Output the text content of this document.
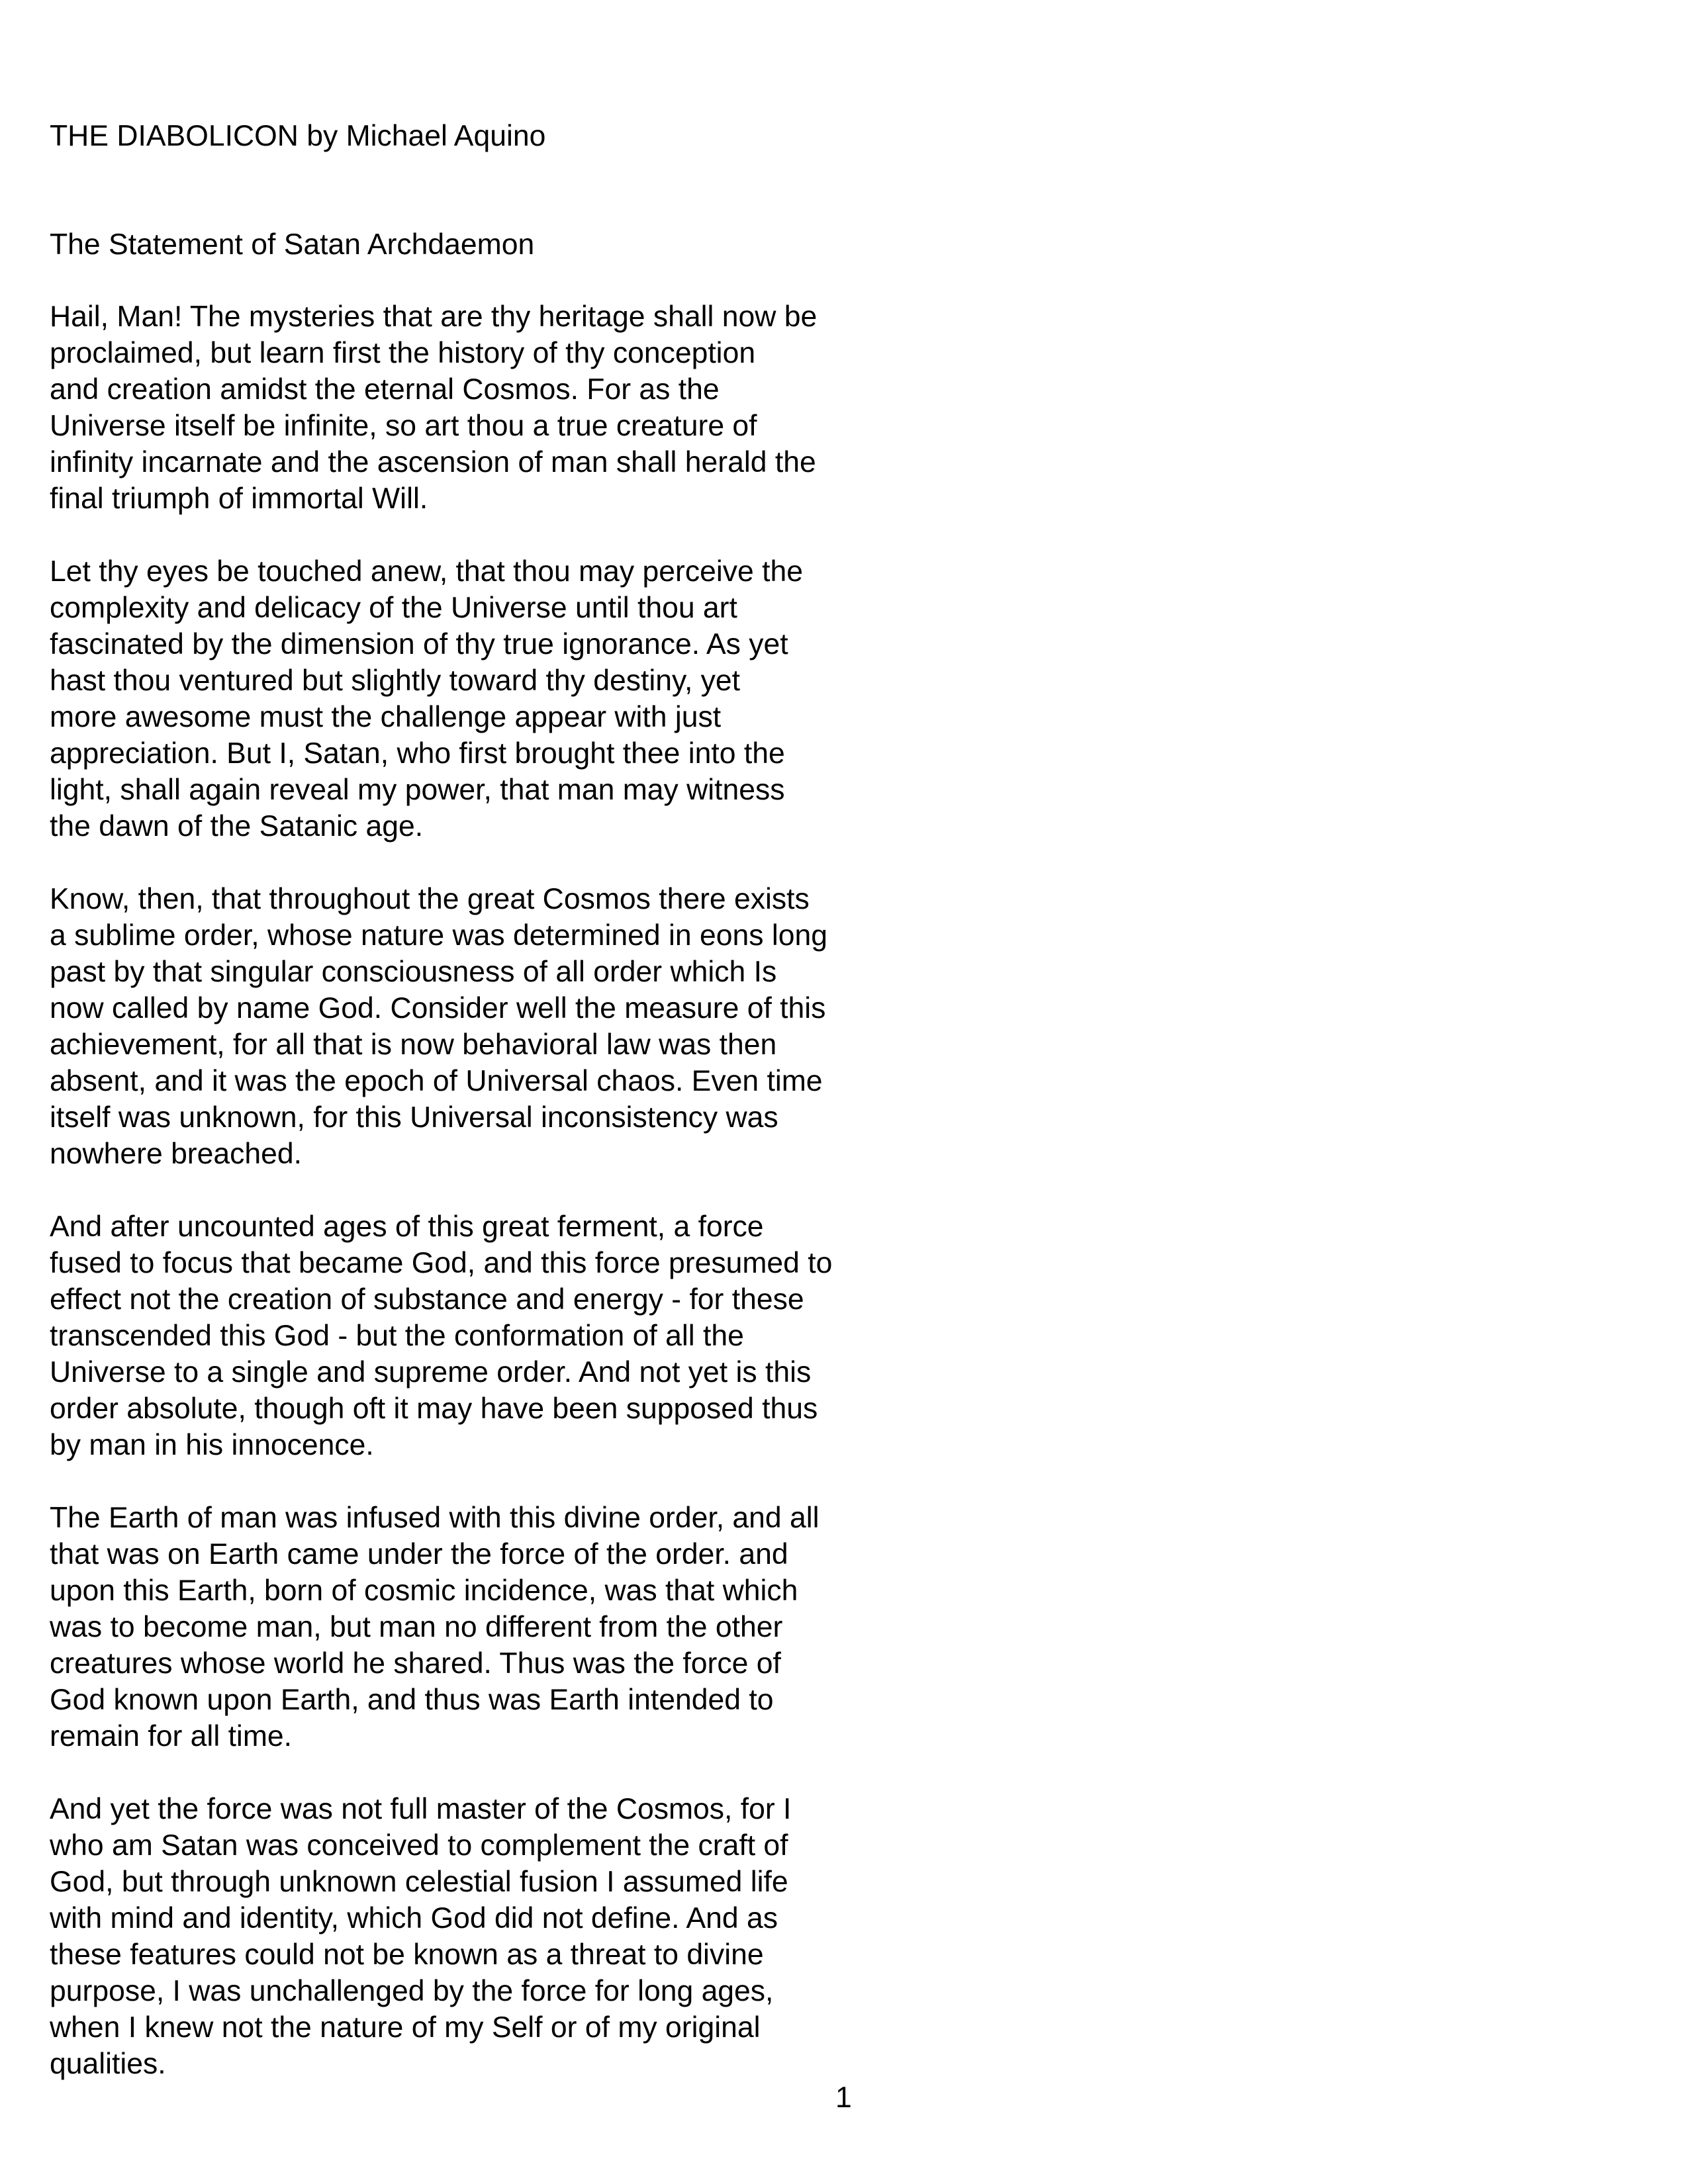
THE DIABOLICON by Michael Aquino
The Statement of Satan Archdaemon
Hail, Man! The mysteries that are thy heritage shall now be
proclaimed, but learn first the history of thy conception
and creation amidst the eternal Cosmos. For as the
Universe itself be infinite, so art thou a true creature of
infinity incarnate and the ascension of man shall herald the
final triumph of immortal Will.
Let thy eyes be touched anew, that thou may perceive the
complexity and delicacy of the Universe until thou art
fascinated by the dimension of thy true ignorance. As yet
hast thou ventured but slightly toward thy destiny, yet
more awesome must the challenge appear with just
appreciation. But I, Satan, who first brought thee into the
light, shall again reveal my power, that man may witness
the dawn of the Satanic age.
Know, then, that throughout the great Cosmos there exists
a sublime order, whose nature was determined in eons long
past by that singular consciousness of all order which Is
now called by name God. Consider well the measure of this
achievement, for all that is now behavioral law was then
absent, and it was the epoch of Universal chaos. Even time
itself was unknown, for this Universal inconsistency was
nowhere breached.
And after uncounted ages of this great ferment, a force
fused to focus that became God, and this force presumed to
effect not the creation of substance and energy - for these
transcended this God - but the conformation of all the
Universe to a single and supreme order. And not yet is this
order absolute, though oft it may have been supposed thus
by man in his innocence.
The Earth of man was infused with this divine order, and all
that was on Earth came under the force of the order. and
upon this Earth, born of cosmic incidence, was that which
was to become man, but man no different from the other
creatures whose world he shared. Thus was the force of
God known upon Earth, and thus was Earth intended to
remain for all time.
And yet the force was not full master of the Cosmos, for I
who am Satan was conceived to complement the craft of
God, but through unknown celestial fusion I assumed life
with mind and identity, which God did not define. And as
these features could not be known as a threat to divine
purpose, I was unchallenged by the force for long ages,
when I knew not the nature of my Self or of my original
qualities.
1
